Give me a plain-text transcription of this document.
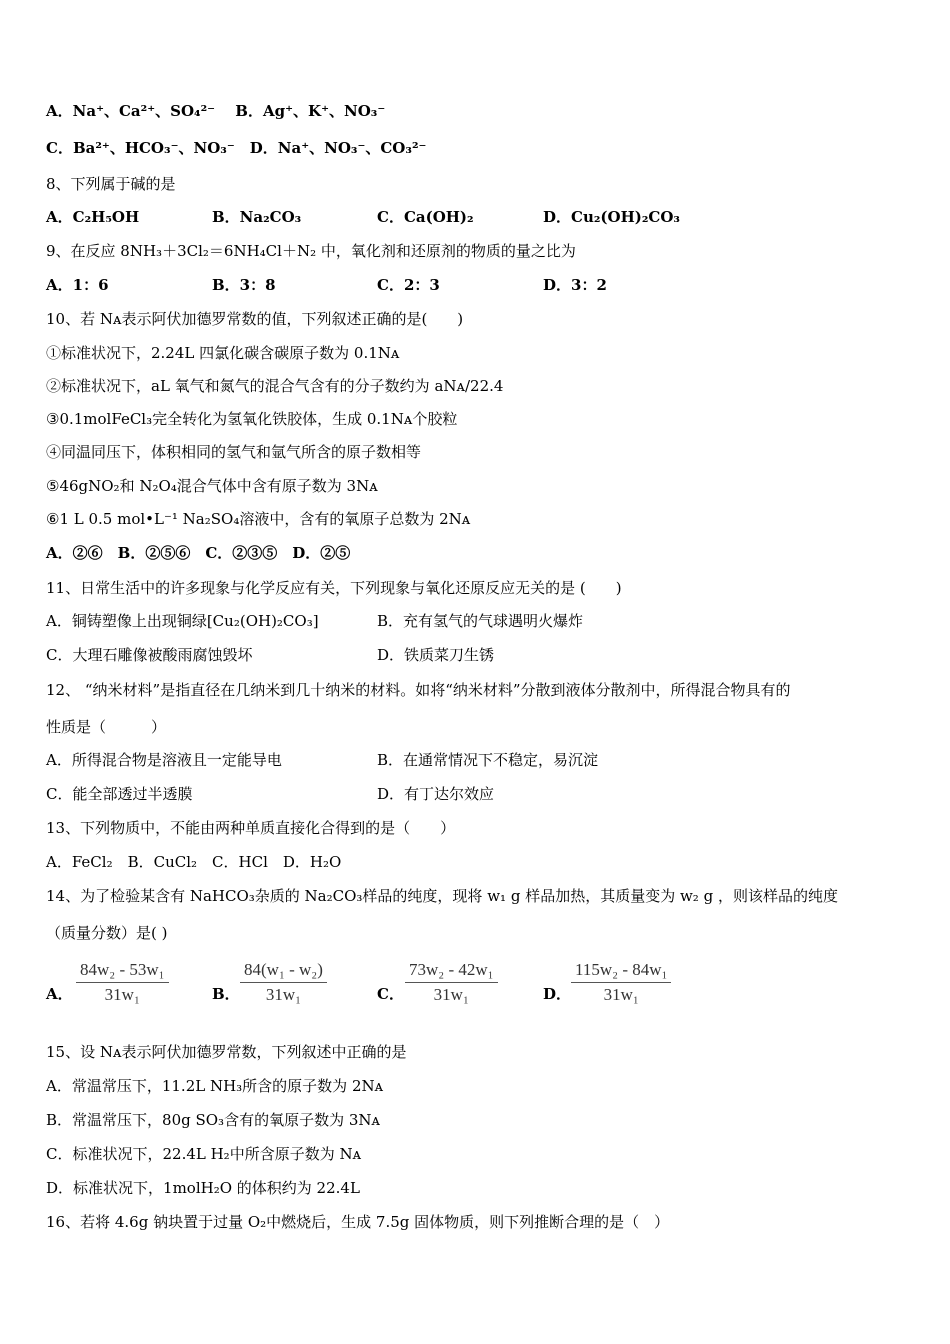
A．Na⁺、Ca²⁺、SO₄²⁻　 B．Ag⁺、K⁺、NO₃⁻
C．Ba²⁺、HCO₃⁻、NO₃⁻　D．Na⁺、NO₃⁻、CO₃²⁻
8、下列属于碱的是
A．C₂H₅OH	B．Na₂CO₃	C．Ca(OH)₂	D．Cu₂(OH)₂CO₃
9、在反应 8NH₃＋3Cl₂＝6NH₄Cl＋N₂ 中，氧化剂和还原剂的物质的量之比为
A．1：6	B．3：8	C．2：3	D．3：2
10、若 Nᴀ表示阿伏加德罗常数的值，下列叙述正确的是(　　)
①标准状况下，2.24L 四氯化碳含碳原子数为 0.1Nᴀ
②标准状况下，aL 氧气和氮气的混合气含有的分子数约为 aNᴀ/22.4
③0.1molFeCl₃完全转化为氢氧化铁胶体，生成 0.1Nᴀ个胶粒
④同温同压下，体积相同的氢气和氩气所含的原子数相等
⑤46gNO₂和 N₂O₄混合气体中含有原子数为 3Nᴀ
⑥1 L 0.5 mol•L⁻¹ Na₂SO₄溶液中，含有的氧原子总数为 2Nᴀ
A．②⑥　B．②⑤⑥　C．②③⑤　D．②⑤
11、日常生活中的许多现象与化学反应有关，下列现象与氧化还原反应无关的是 (　　)
A．铜铸塑像上出现铜绿[Cu₂(OH)₂CO₃]	B．充有氢气的气球遇明火爆炸
C．大理石雕像被酸雨腐蚀毁坏	D．铁质菜刀生锈
12、 “纳米材料”是指直径在几纳米到几十纳米的材料。如将“纳米材料”分散到液体分散剂中，所得混合物具有的
性质是（　　　）
A．所得混合物是溶液且一定能导电	B．在通常情况下不稳定，易沉淀
C．能全部透过半透膜	D．有丁达尔效应
13、下列物质中，不能由两种单质直接化合得到的是（　　）
A．FeCl₂　B．CuCl₂　C．HCl　D．H₂O
14、为了检验某含有 NaHCO₃杂质的 Na₂CO₃样品的纯度，现将 w₁ g 样品加热，其质量变为 w₂ g ，则该样品的纯度
（质量分数）是( )
A．
84w₂ - 53w₁
31w₁	B．
84(w₁ - w₂)
31w₁	C．
73w₂ - 42w₁
31w₁	D．
115w₂ - 84w₁
31w₁
15、设 Nᴀ表示阿伏加德罗常数，下列叙述中正确的是
A．常温常压下，11.2L NH₃所含的原子数为 2Nᴀ
B．常温常压下，80g SO₃含有的氧原子数为 3Nᴀ
C．标准状况下，22.4L H₂中所含原子数为 Nᴀ
D．标准状况下，1molH₂O 的体积约为 22.4L
16、若将 4.6g 钠块置于过量 O₂中燃烧后，生成 7.5g 固体物质，则下列推断合理的是（　）
